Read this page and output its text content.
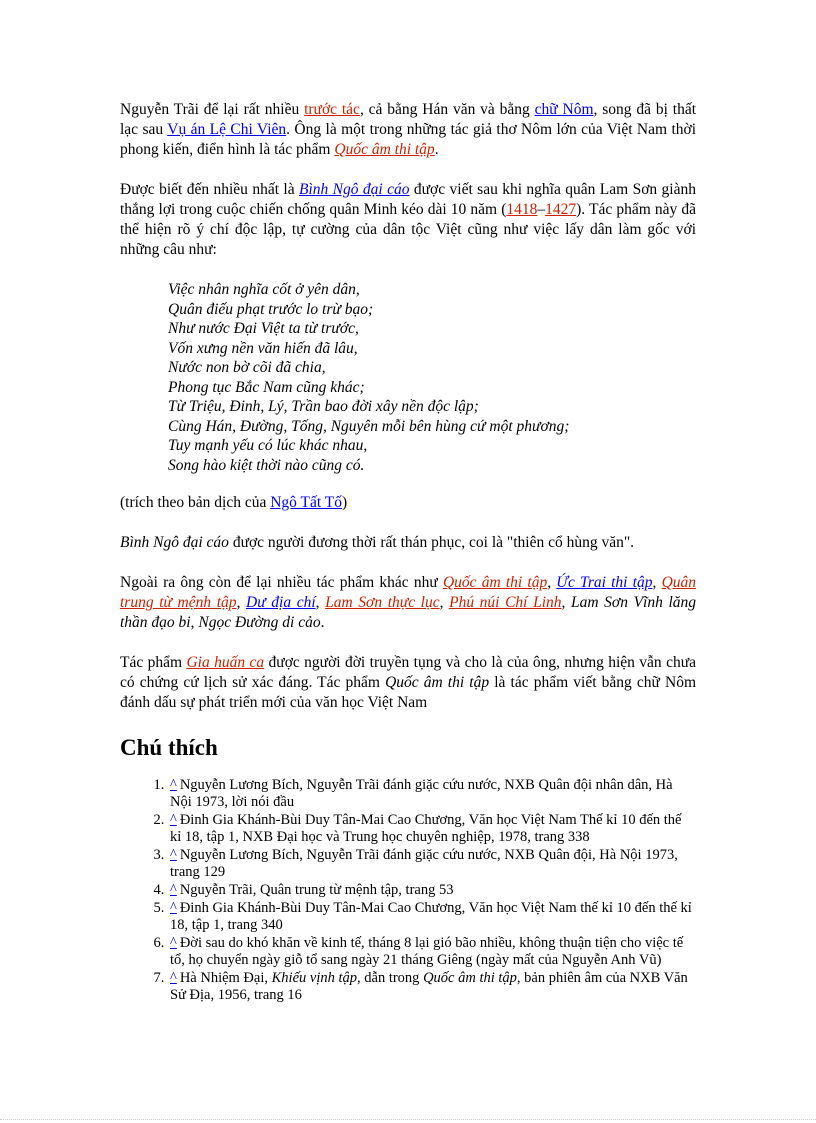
Nguyễn Trãi để lại rất nhiều trước tác, cả bằng Hán văn và bằng chữ Nôm, song đã bị thất lạc sau Vụ án Lệ Chi Viên. Ông là một trong những tác giả thơ Nôm lớn của Việt Nam thời phong kiến, điển hình là tác phẩm Quốc âm thi tập.

Được biết đến nhiều nhất là Bình Ngô đại cáo được viết sau khi nghĩa quân Lam Sơn giành thắng lợi trong cuộc chiến chống quân Minh kéo dài 10 năm (1418–1427). Tác phẩm này đã thể hiện rõ ý chí độc lập, tự cường của dân tộc Việt cũng như việc lấy dân làm gốc với những câu như:

Việc nhân nghĩa cốt ở yên dân,
Quân điếu phạt trước lo trừ bạo;
Như nước Đại Việt ta từ trước,
Vốn xưng nền văn hiến đã lâu,
Nước non bờ cõi đã chia,
Phong tục Bắc Nam cũng khác;
Từ Triệu, Đinh, Lý, Trần bao đời xây nền độc lập;
Cùng Hán, Đường, Tống, Nguyên mỗi bên hùng cứ một phương;
Tuy mạnh yếu có lúc khác nhau,
Song hào kiệt thời nào cũng có.

(trích theo bản dịch của Ngô Tất Tố)

Bình Ngô đại cáo được người đương thời rất thán phục, coi là "thiên cổ hùng văn".

Ngoài ra ông còn để lại nhiều tác phẩm khác như Quốc âm thi tập, Ức Trai thi tập, Quân trung từ mệnh tập, Dư địa chí, Lam Sơn thực lục, Phú núi Chí Linh, Lam Sơn Vĩnh lăng thần đạo bi, Ngọc Đường di cảo.

Tác phẩm Gia huấn ca được người đời truyền tụng và cho là của ông, nhưng hiện vẫn chưa có chứng cứ lịch sử xác đáng. Tác phẩm Quốc âm thi tập là tác phẩm viết bằng chữ Nôm đánh dấu sự phát triển mới của văn học Việt Nam

Chú thích
1. ^ Nguyễn Lương Bích, Nguyễn Trãi đánh giặc cứu nước, NXB Quân đội nhân dân, Hà Nội 1973, lời nói đầu
2. ^ Đinh Gia Khánh-Bùi Duy Tân-Mai Cao Chương, Văn học Việt Nam Thế kỉ 10 đến thế kỉ 18, tập 1, NXB Đại học và Trung học chuyên nghiệp, 1978, trang 338
3. ^ Nguyễn Lương Bích, Nguyễn Trãi đánh giặc cứu nước, NXB Quân đội, Hà Nội 1973, trang 129
4. ^ Nguyễn Trãi, Quân trung từ mệnh tập, trang 53
5. ^ Đinh Gia Khánh-Bùi Duy Tân-Mai Cao Chương, Văn học Việt Nam thế kỉ 10 đến thế kỉ 18, tập 1, trang 340
6. ^ Đời sau do khó khăn về kinh tế, tháng 8 lại gió bão nhiều, không thuận tiện cho việc tế tổ, họ chuyển ngày giỗ tổ sang ngày 21 tháng Giêng (ngày mất của Nguyễn Anh Vũ)
7. ^ Hà Nhiệm Đại, Khiếu vịnh tập, dẫn trong Quốc âm thi tập, bản phiên âm của NXB Văn Sử Địa, 1956, trang 16
